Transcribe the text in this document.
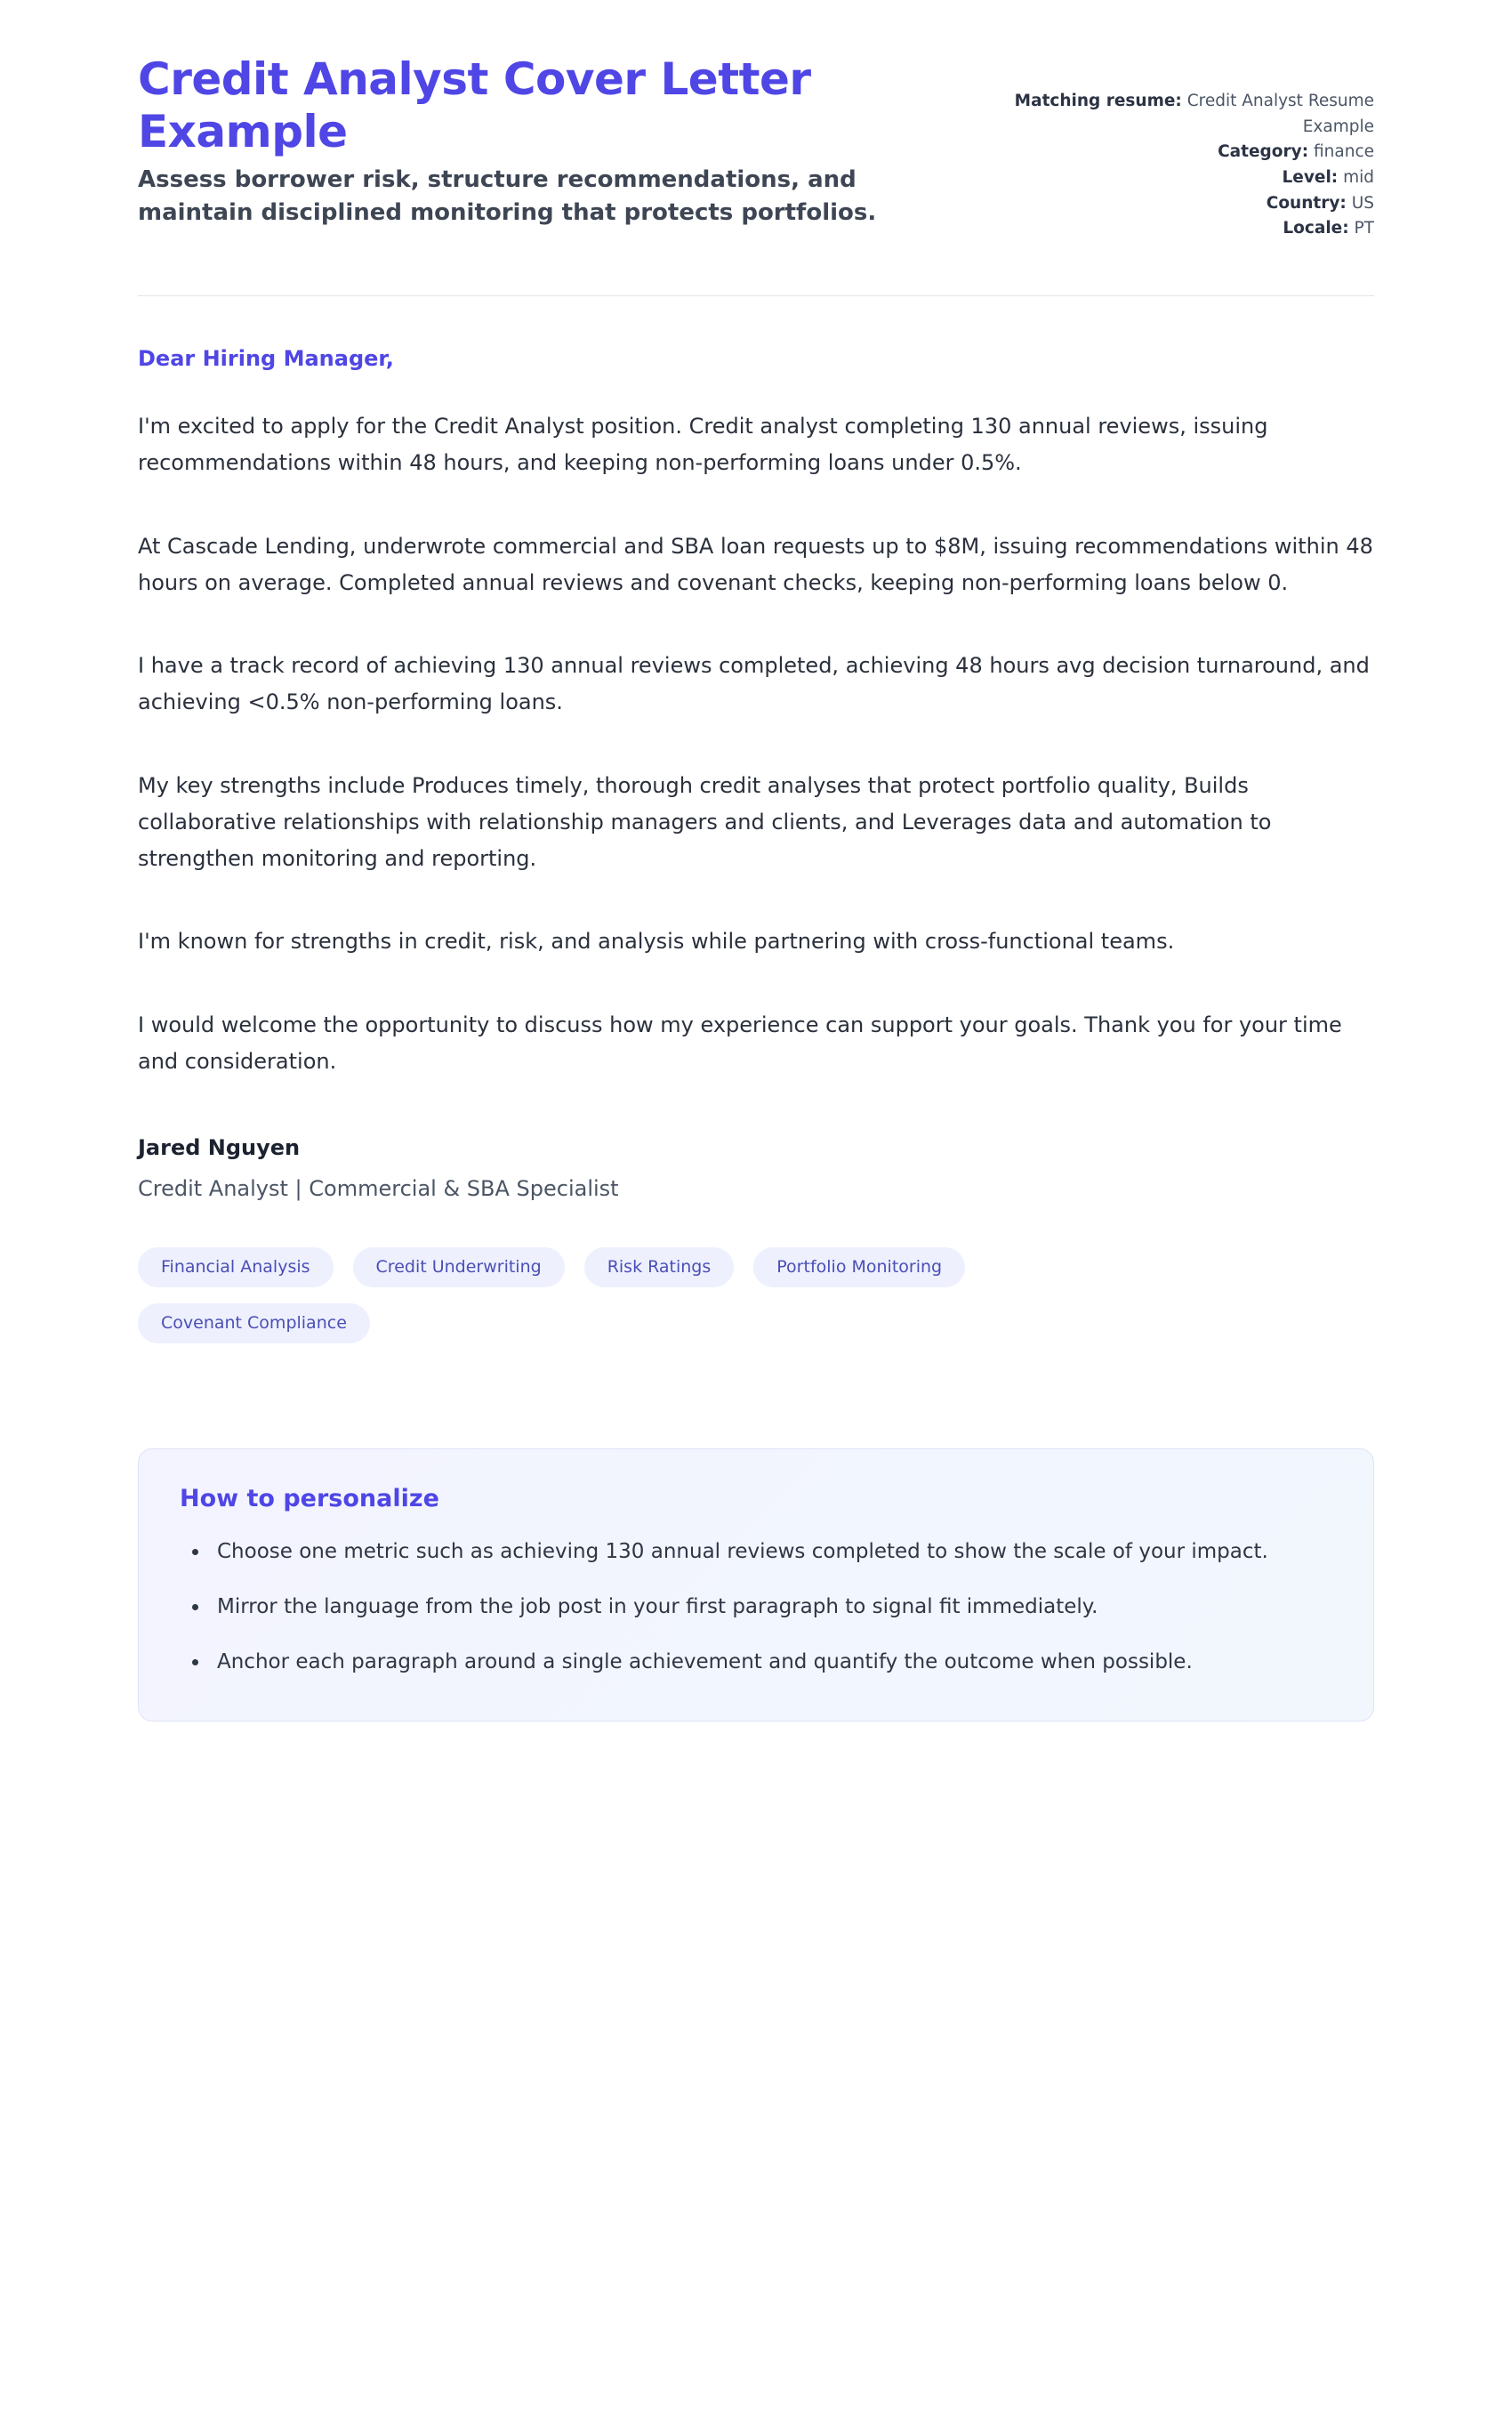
Credit Analyst Cover Letter Example

Assess borrower risk, structure recommendations, and maintain disciplined monitoring that protects portfolios.

Matching resume: Credit Analyst Resume Example
Category: finance
Level: mid
Country: US
Locale: PT

Dear Hiring Manager,

I'm excited to apply for the Credit Analyst position. Credit analyst completing 130 annual reviews, issuing recommendations within 48 hours, and keeping non-performing loans under 0.5%.

At Cascade Lending, underwrote commercial and SBA loan requests up to $8M, issuing recommendations within 48 hours on average. Completed annual reviews and covenant checks, keeping non-performing loans below 0.

I have a track record of achieving 130 annual reviews completed, achieving 48 hours avg decision turnaround, and achieving <0.5% non-performing loans.

My key strengths include Produces timely, thorough credit analyses that protect portfolio quality, Builds collaborative relationships with relationship managers and clients, and Leverages data and automation to strengthen monitoring and reporting.

I'm known for strengths in credit, risk, and analysis while partnering with cross-functional teams.

I would welcome the opportunity to discuss how my experience can support your goals. Thank you for your time and consideration.

Jared Nguyen

Credit Analyst | Commercial & SBA Specialist

Financial Analysis	Credit Underwriting	Risk Ratings	Portfolio Monitoring
Covenant Compliance
How to personalize
• Choose one metric such as achieving 130 annual reviews completed to show the scale of your impact.
• Mirror the language from the job post in your first paragraph to signal fit immediately.
• Anchor each paragraph around a single achievement and quantify the outcome when possible.
